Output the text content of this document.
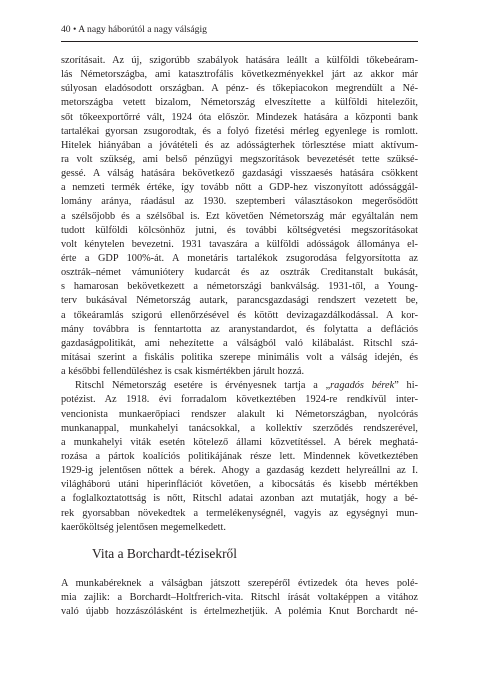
40 • A nagy háborútól a nagy válságig
szorításait. Az új, szigorúbb szabályok hatására leállt a külföldi tőkebeáram-
lás Németországba, ami katasztrofális következményekkel járt az akkor már
súlyosan eladósodott országban. A pénz- és tőkepiacokon megrendült a Né-
metországba vetett bizalom, Németország elveszítette a külföldi hitelezőit,
sőt tőkeexportőrré vált, 1924 óta először. Mindezek hatására a központi bank
tartalékai gyorsan zsugorodtak, és a folyó fizetési mérleg egyenlege is romlott.
Hitelek hiányában a jóvátételi és az adósságterhek törlesztése miatt aktívum-
ra volt szükség, ami belső pénzügyi megszorítások bevezetését tette szüksé-
gessé. A válság hatására bekövetkező gazdasági visszaesés hatására csökkent
a nemzeti termék értéke, így tovább nőtt a GDP-hez viszonyított adóssággál-
lomány aránya, ráadásul az 1930. szeptemberi választásokon megerősödött
a szélsőjobb és a szélsőbal is. Ezt követően Németország már egyáltalán nem
tudott külföldi kölcsönhöz jutni, és további költségvetési megszorításokat
volt kénytelen bevezetni. 1931 tavaszára a külföldi adósságok állománya el-
érte a GDP 100%-át. A monetáris tartalékok zsugorodása felgyorsította az
osztrák–német vámuniótery kudarcát és az osztrák Creditanstalt bukását,
s hamarosan bekövetkezett a németországi bankválság. 1931-től, a Young-
terv bukásával Németország autark, parancsgazdasági rendszert vezetett be,
a tőkeáramlás szigorú ellenőrzésével és kötött devizagazdálkodással. A kor-
mány továbbra is fenntartotta az aranystandardot, és folytatta a deflációs
gazdaságpolitikát, ami nehezítette a válságból való kilábalást. Ritschl szá-
mításai szerint a fiskális politika szerepe minimális volt a válság idején, és
a későbbi fellendüléshez is csak kismértékben járult hozzá.
Ritschl Németország esetére is érvényesnek tartja a „ragadós bérek” hi-
potézist. Az 1918. évi forradalom következtében 1924-re rendkívül inter-
vencionista munkaerőpiaci rendszer alakult ki Németországban, nyolcórás
munkanappal, munkahelyi tanácsokkal, a kollektív szerződés rendszerével,
a munkahelyi viták esetén kötelező állami közvetítéssel. A bérek meghatá-
rozása a pártok koalíciós politikájának része lett. Mindennek következtében
1929-ig jelentősen nőttek a bérek. Ahogy a gazdaság kezdett helyreállni az I.
világháború utáni hiperinflációt követően, a kibocsátás és kisebb mértékben
a foglalkoztatottság is nőtt, Ritschl adatai azonban azt mutatják, hogy a bé-
rek gyorsabban növekedtek a termelékenységnél, vagyis az egységnyi mun-
kaerőköltség jelentősen megemelkedett.
Vita a Borchardt-tézisekről
A munkabéreknek a válságban játszott szerepéről évtizedek óta heves polé-
mia zajlik: a Borchardt–Holtfrerich-vita. Ritschl írását voltaképpen a vitához
való újabb hozzászólásként is értelmezhetjük. A polémia Knut Borchardt né-
